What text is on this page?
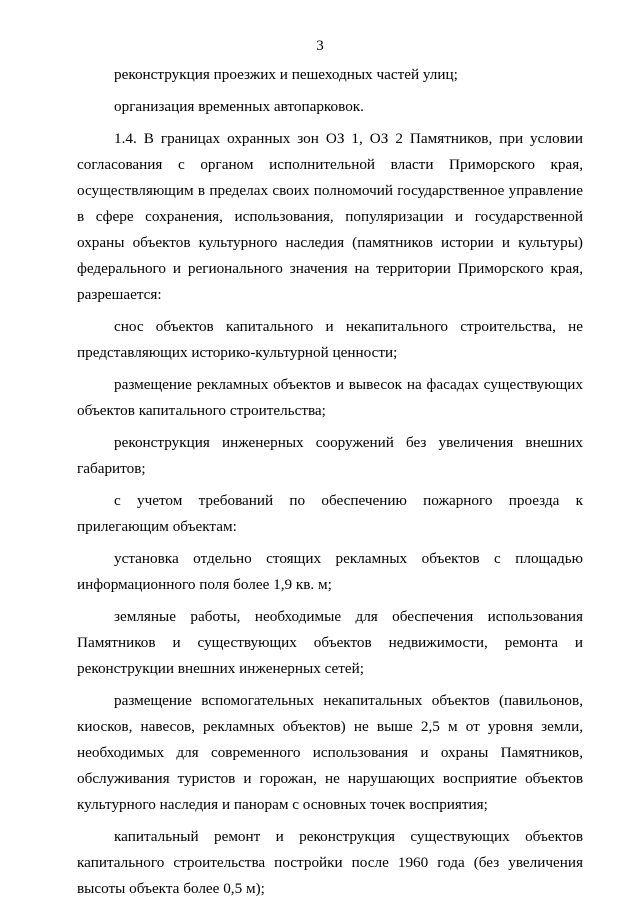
3

реконструкция проезжих и пешеходных частей улиц;

организация временных автопарковок.

1.4. В границах охранных зон ОЗ 1, ОЗ 2 Памятников, при условии согласования с органом исполнительной власти Приморского края, осуществляющим в пределах своих полномочий государственное управление в сфере сохранения, использования, популяризации и государственной охраны объектов культурного наследия (памятников истории и культуры) федерального и регионального значения на территории Приморского края, разрешается:

снос объектов капитального и некапитального строительства, не представляющих историко-культурной ценности;

размещение рекламных объектов и вывесок на фасадах существующих объектов капитального строительства;

реконструкция инженерных сооружений без увеличения внешних габаритов;

с учетом требований по обеспечению пожарного проезда к прилегающим объектам:

установка отдельно стоящих рекламных объектов с площадью информационного поля более 1,9 кв. м;

земляные работы, необходимые для обеспечения использования Памятников и существующих объектов недвижимости, ремонта и реконструкции внешних инженерных сетей;

размещение вспомогательных некапитальных объектов (павильонов, киосков, навесов, рекламных объектов) не выше 2,5 м от уровня земли, необходимых для современного использования и охраны Памятников, обслуживания туристов и горожан, не нарушающих восприятие объектов культурного наследия и панорам с основных точек восприятия;

капитальный ремонт и реконструкция существующих объектов капитального строительства постройки после 1960 года (без увеличения высоты объекта более 0,5 м);
